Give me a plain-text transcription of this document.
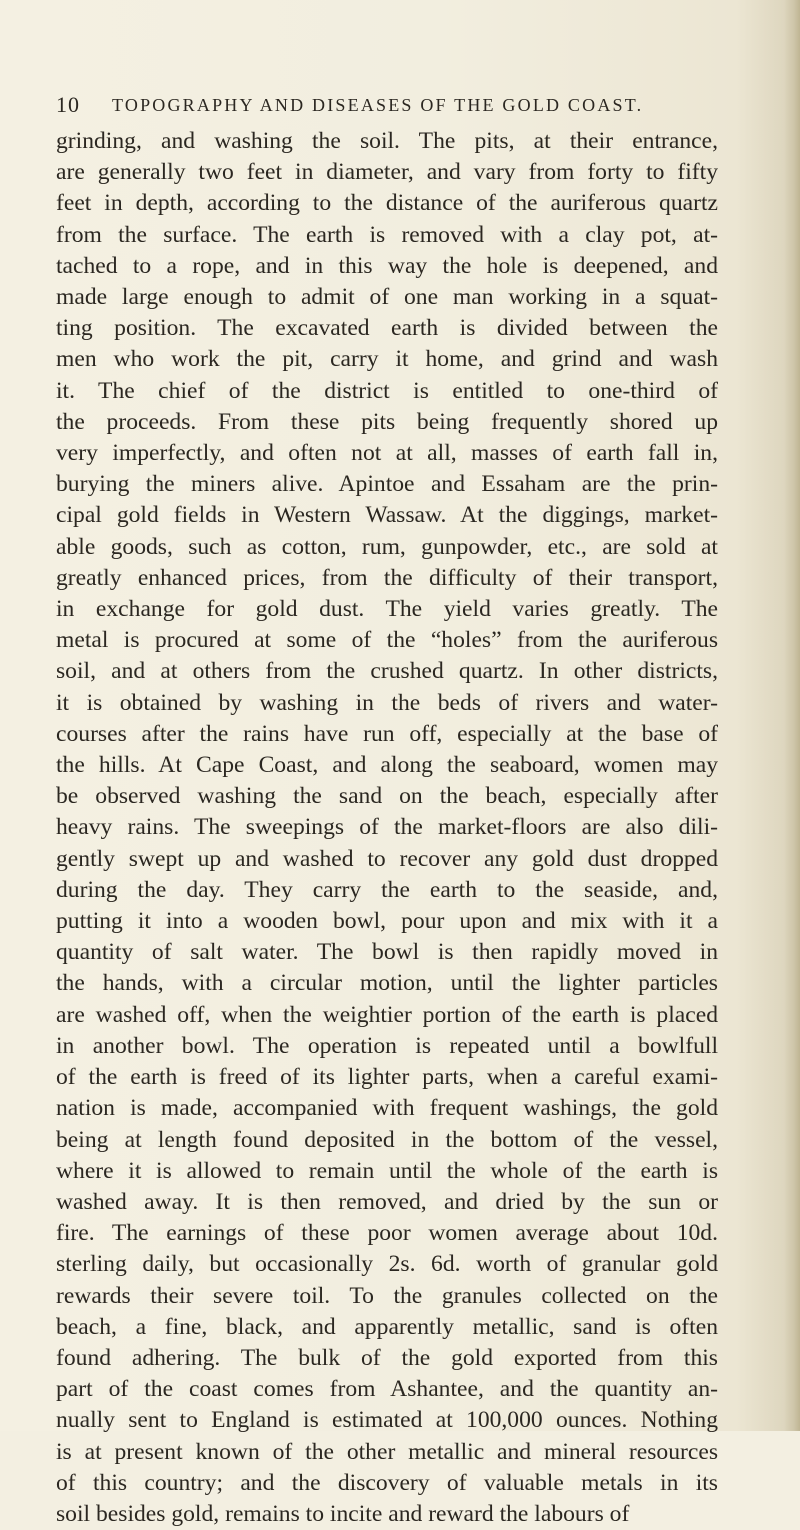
10 TOPOGRAPHY AND DISEASES OF THE GOLD COAST.
grinding, and washing the soil. The pits, at their entrance,
are generally two feet in diameter, and vary from forty to fifty
feet in depth, according to the distance of the auriferous quartz
from the surface. The earth is removed with a clay pot, at-
tached to a rope, and in this way the hole is deepened, and
made large enough to admit of one man working in a squat-
ting position. The excavated earth is divided between the
men who work the pit, carry it home, and grind and wash
it. The chief of the district is entitled to one-third of
the proceeds. From these pits being frequently shored up
very imperfectly, and often not at all, masses of earth fall in,
burying the miners alive. Apintoe and Essaham are the prin-
cipal gold fields in Western Wassaw. At the diggings, market-
able goods, such as cotton, rum, gunpowder, etc., are sold at
greatly enhanced prices, from the difficulty of their transport,
in exchange for gold dust. The yield varies greatly. The
metal is procured at some of the “holes” from the auriferous
soil, and at others from the crushed quartz. In other districts,
it is obtained by washing in the beds of rivers and water-
courses after the rains have run off, especially at the base of
the hills. At Cape Coast, and along the seaboard, women may
be observed washing the sand on the beach, especially after
heavy rains. The sweepings of the market-floors are also dili-
gently swept up and washed to recover any gold dust dropped
during the day. They carry the earth to the seaside, and,
putting it into a wooden bowl, pour upon and mix with it a
quantity of salt water. The bowl is then rapidly moved in
the hands, with a circular motion, until the lighter particles
are washed off, when the weightier portion of the earth is placed
in another bowl. The operation is repeated until a bowlfull
of the earth is freed of its lighter parts, when a careful exami-
nation is made, accompanied with frequent washings, the gold
being at length found deposited in the bottom of the vessel,
where it is allowed to remain until the whole of the earth is
washed away. It is then removed, and dried by the sun or
fire. The earnings of these poor women average about 10d.
sterling daily, but occasionally 2s. 6d. worth of granular gold
rewards their severe toil. To the granules collected on the
beach, a fine, black, and apparently metallic, sand is often
found adhering. The bulk of the gold exported from this
part of the coast comes from Ashantee, and the quantity an-
nually sent to England is estimated at 100,000 ounces. Nothing
is at present known of the other metallic and mineral resources
of this country; and the discovery of valuable metals in its
soil besides gold, remains to incite and reward the labours of
